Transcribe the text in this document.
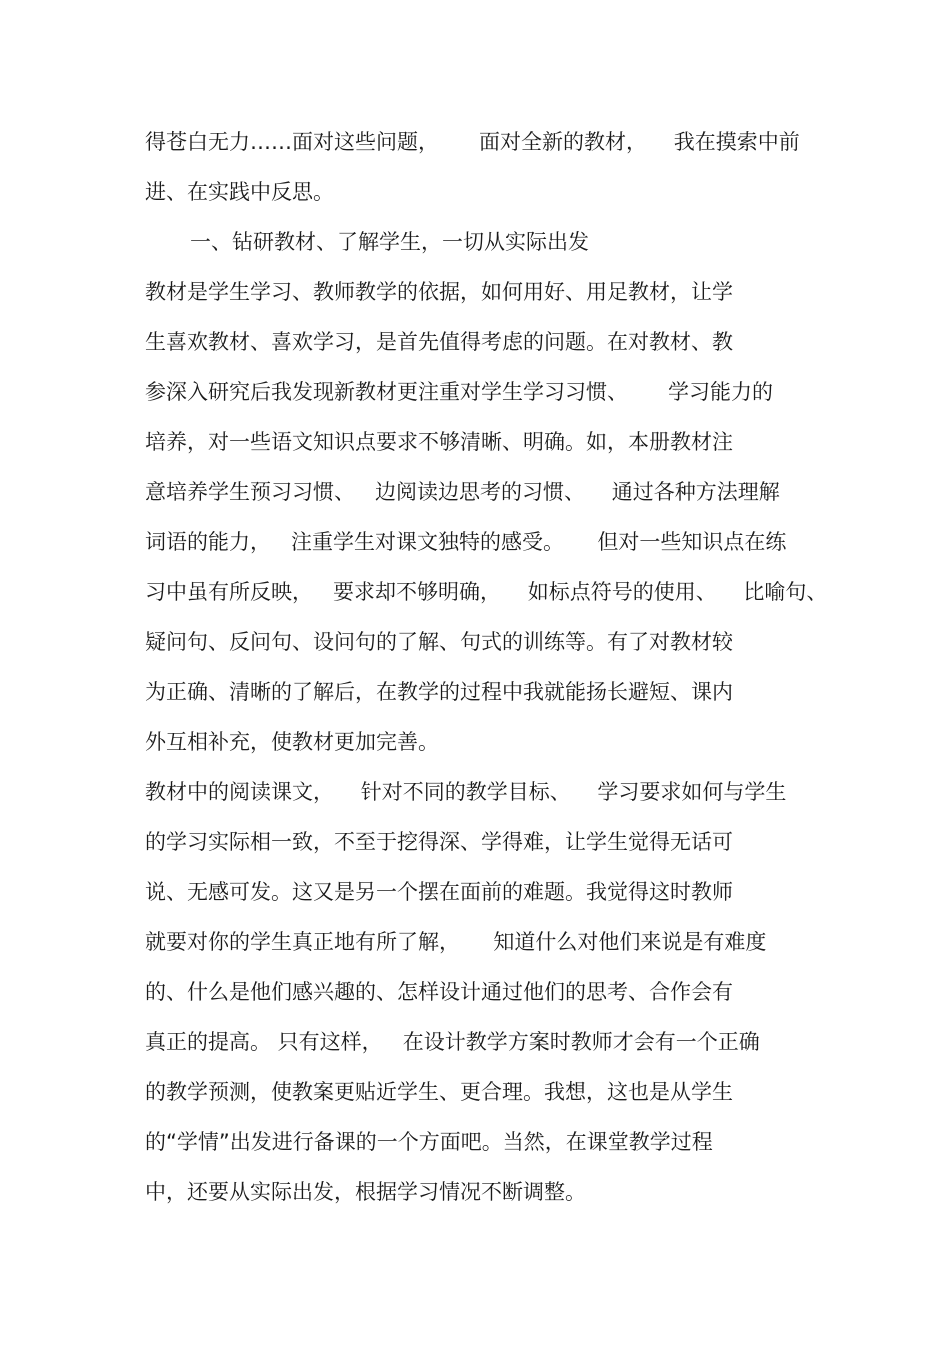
得苍白无力……面对这些问题，      面对全新的教材，    我在摸索中前
进、在实践中反思。
一、钻研教材、了解学生，一切从实际出发
教材是学生学习、教师教学的依据，如何用好、用足教材，让学
生喜欢教材、喜欢学习，是首先值得考虑的问题。在对教材、教
参深入研究后我发现新教材更注重对学生学习习惯、      学习能力的
培养，对一些语文知识点要求不够清晰、明确。如，本册教材注
意培养学生预习习惯、   边阅读边思考的习惯、    通过各种方法理解
词语的能力，   注重学生对课文独特的感受。     但对一些知识点在练
习中虽有所反映，   要求却不够明确，    如标点符号的使用、    比喻句、
疑问句、反问句、设问句的了解、句式的训练等。有了对教材较
为正确、清晰的了解后，在教学的过程中我就能扬长避短、课内
外互相补充，使教材更加完善。
教材中的阅读课文，    针对不同的教学目标、    学习要求如何与学生
的学习实际相一致，不至于挖得深、学得难，让学生觉得无话可
说、无感可发。这又是另一个摆在面前的难题。我觉得这时教师
就要对你的学生真正地有所了解，     知道什么对他们来说是有难度
的、什么是他们感兴趣的、怎样设计通过他们的思考、合作会有
真正的提高。 只有这样，   在设计教学方案时教师才会有一个正确
的教学预测，使教案更贴近学生、更合理。我想，这也是从学生
的“学情”出发进行备课的一个方面吧。当然，在课堂教学过程
中，还要从实际出发，根据学习情况不断调整。
